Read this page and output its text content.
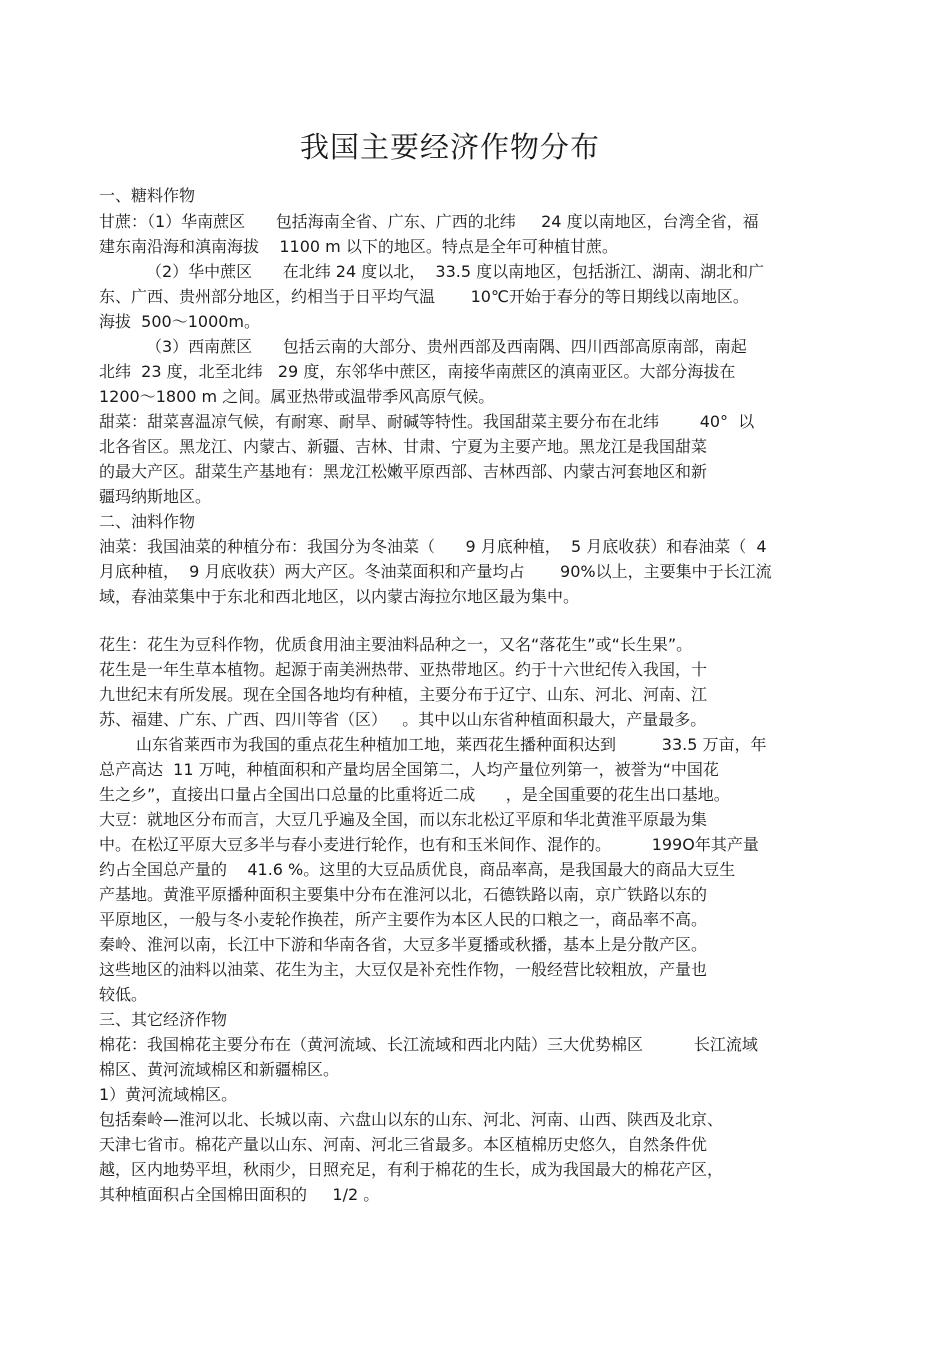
我国主要经济作物分布
一、糖料作物
甘蔗：（1）华南蔗区      包括海南全省、广东、广西的北纬     24 度以南地区，台湾全省，福
建东南沿海和滇南海拔    1100 m 以下的地区。特点是全年可种植甘蔗。
（2）华中蔗区      在北纬 24 度以北，  33.5 度以南地区，包括浙江、湖南、湖北和广
东、广西、贵州部分地区，约相当于日平均气温       10℃开始于春分的等日期线以南地区。
海拔  500～1000m。
（3）西南蔗区      包括云南的大部分、贵州西部及西南隅、四川西部高原南部，南起
北纬  23 度，北至北纬   29 度，东邻华中蔗区，南接华南蔗区的滇南亚区。大部分海拔在
1200～1800 m 之间。属亚热带或温带季风高原气候。
甜菜：甜菜喜温凉气候，有耐寒、耐旱、耐碱等特性。我国甜菜主要分布在北纬        40°  以
北各省区。黑龙江、内蒙古、新疆、吉林、甘肃、宁夏为主要产地。黑龙江是我国甜菜
的最大产区。甜菜生产基地有：黑龙江松嫩平原西部、吉林西部、内蒙古河套地区和新
疆玛纳斯地区。
二、油料作物
油菜：我国油菜的种植分布：我国分为冬油菜（      9 月底种植，  5 月底收获）和春油菜（  4
月底种植，  9 月底收获）两大产区。冬油菜面积和产量均占       90%以上，主要集中于长江流
域，春油菜集中于东北和西北地区，以内蒙古海拉尔地区最为集中。
花生：花生为豆科作物，优质食用油主要油料品种之一，又名“落花生”或“长生果”。
花生是一年生草本植物。起源于南美洲热带、亚热带地区。约于十六世纪传入我国，十
九世纪末有所发展。现在全国各地均有种植，主要分布于辽宁、山东、河北、河南、江
苏、福建、广东、广西、四川等省（区）   。其中以山东省种植面积最大，产量最多。
山东省莱西市为我国的重点花生种植加工地，莱西花生播种面积达到         33.5 万亩，年
总产高达  11 万吨，种植面积和产量均居全国第二，人均产量位列第一，被誉为“中国花
生之乡”，直接出口量占全国出口总量的比重将近二成      ，是全国重要的花生出口基地。
大豆：就地区分布而言，大豆几乎遍及全国，而以东北松辽平原和华北黄淮平原最为集
中。在松辽平原大豆多半与春小麦进行轮作，也有和玉米间作、混作的。        199O年其产量
约占全国总产量的    41.6 %。这里的大豆品质优良，商品率高，是我国最大的商品大豆生
产基地。黄淮平原播种面积主要集中分布在淮河以北，石德铁路以南，京广铁路以东的
平原地区，一般与冬小麦轮作换茬，所产主要作为本区人民的口粮之一，商品率不高。
秦岭、淮河以南，长江中下游和华南各省，大豆多半夏播或秋播，基本上是分散产区。
这些地区的油料以油菜、花生为主，大豆仅是补充性作物，一般经营比较粗放，产量也
较低。
三、其它经济作物
棉花：我国棉花主要分布在（黄河流域、长江流域和西北内陆）三大优势棉区          长江流域
棉区、黄河流域棉区和新疆棉区。
1）黄河流域棉区。
包括秦岭—淮河以北、长城以南、六盘山以东的山东、河北、河南、山西、陕西及北京、
天津七省市。棉花产量以山东、河南、河北三省最多。本区植棉历史悠久，自然条件优
越，区内地势平坦，秋雨少，日照充足，有利于棉花的生长，成为我国最大的棉花产区，
其种植面积占全国棉田面积的     1/2 。
